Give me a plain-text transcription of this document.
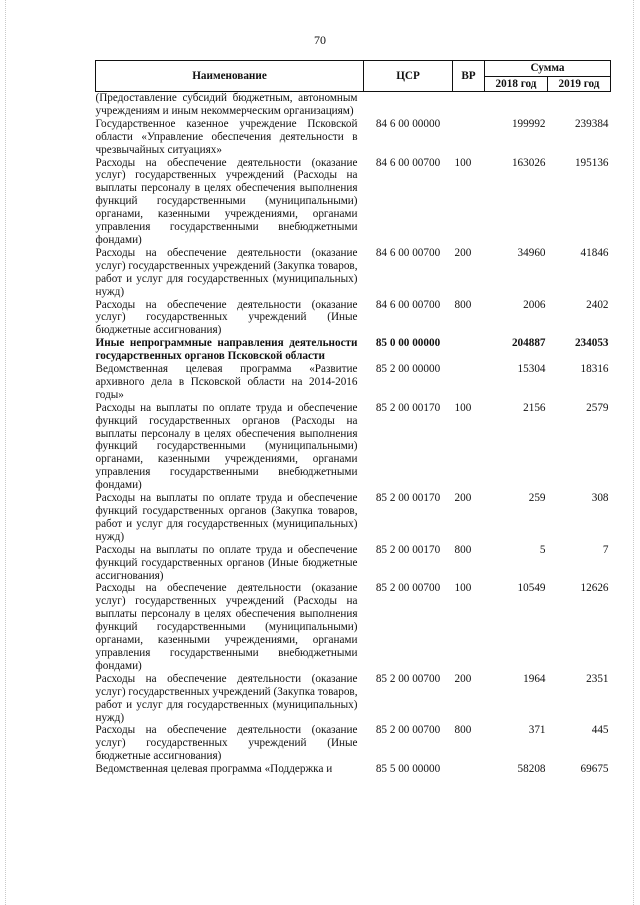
70
Наименование	ЦСР	ВР	Сумма	
			2018 год	2019 год
(Предоставление субсидий бюджетным, автономным учреждениям и иным некоммерческим организациям)				
Государственное казенное учреждение Псковской области «Управление обеспечения деятельности в чрезвычайных ситуациях»	84 6 00 00000		199992	239384
Расходы на обеспечение деятельности (оказание услуг) государственных учреждений (Расходы на выплаты персоналу в целях обеспечения выполнения функций государственными (муниципальными) органами, казенными учреждениями, органами управления государственными внебюджетными фондами)	84 6 00 00700	100	163026	195136
Расходы на обеспечение деятельности (оказание услуг) государственных учреждений (Закупка товаров, работ и услуг для государственных (муниципальных) нужд)	84 6 00 00700	200	34960	41846
Расходы на обеспечение деятельности (оказание услуг) государственных учреждений (Иные бюджетные ассигнования)	84 6 00 00700	800	2006	2402
Иные непрограммные направления деятельности государственных органов Псковской области	85 0 00 00000		204887	234053
Ведомственная целевая программа «Развитие архивного дела в Псковской области на 2014-2016 годы»	85 2 00 00000		15304	18316
Расходы на выплаты по оплате труда и обеспечение функций государственных органов (Расходы на выплаты персоналу в целях обеспечения выполнения функций государственными (муниципальными) органами, казенными учреждениями, органами управления государственными внебюджетными фондами)	85 2 00 00170	100	2156	2579
Расходы на выплаты по оплате труда и обеспечение функций государственных органов (Закупка товаров, работ и услуг для государственных (муниципальных) нужд)	85 2 00 00170	200	259	308
Расходы на выплаты по оплате труда и обеспечение функций государственных органов (Иные бюджетные ассигнования)	85 2 00 00170	800	5	7
Расходы на обеспечение деятельности (оказание услуг) государственных учреждений (Расходы на выплаты персоналу в целях обеспечения выполнения функций государственными (муниципальными) органами, казенными учреждениями, органами управления государственными внебюджетными фондами)	85 2 00 00700	100	10549	12626
Расходы на обеспечение деятельности (оказание услуг) государственных учреждений (Закупка товаров, работ и услуг для государственных (муниципальных) нужд)	85 2 00 00700	200	1964	2351
Расходы на обеспечение деятельности (оказание услуг) государственных учреждений (Иные бюджетные ассигнования)	85 2 00 00700	800	371	445
Ведомственная целевая программа «Поддержка и	85 5 00 00000		58208	69675
